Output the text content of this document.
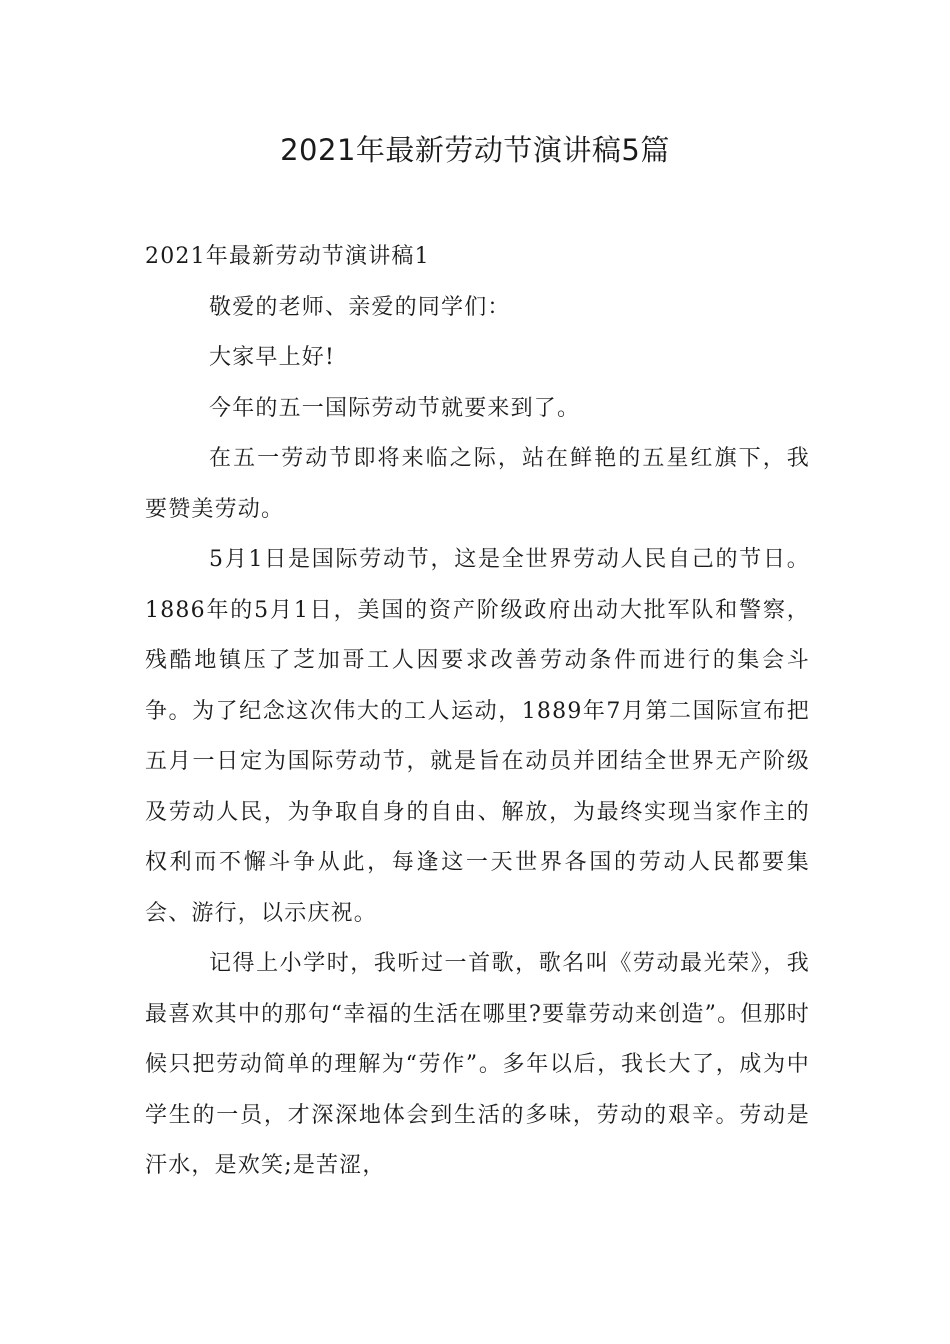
2021年最新劳动节演讲稿5篇

2021年最新劳动节演讲稿1

敬爱的老师、亲爱的同学们：

大家早上好!

今年的五一国际劳动节就要来到了。

在五一劳动节即将来临之际，站在鲜艳的五星红旗下，我要赞美劳动。

5月1日是国际劳动节，这是全世界劳动人民自己的节日。1886年的5月1日，美国的资产阶级政府出动大批军队和警察，残酷地镇压了芝加哥工人因要求改善劳动条件而进行的集会斗争。为了纪念这次伟大的工人运动，1889年7月第二国际宣布把五月一日定为国际劳动节，就是旨在动员并团结全世界无产阶级及劳动人民，为争取自身的自由、解放，为最终实现当家作主的权利而不懈斗争从此，每逢这一天世界各国的劳动人民都要集会、游行，以示庆祝。

记得上小学时，我听过一首歌，歌名叫《劳动最光荣》，我最喜欢其中的那句“幸福的生活在哪里?要靠劳动来创造”。但那时候只把劳动简单的理解为“劳作”。多年以后，我长大了，成为中学生的一员，才深深地体会到生活的多味，劳动的艰辛。劳动是汗水，是欢笑;是苦涩，
